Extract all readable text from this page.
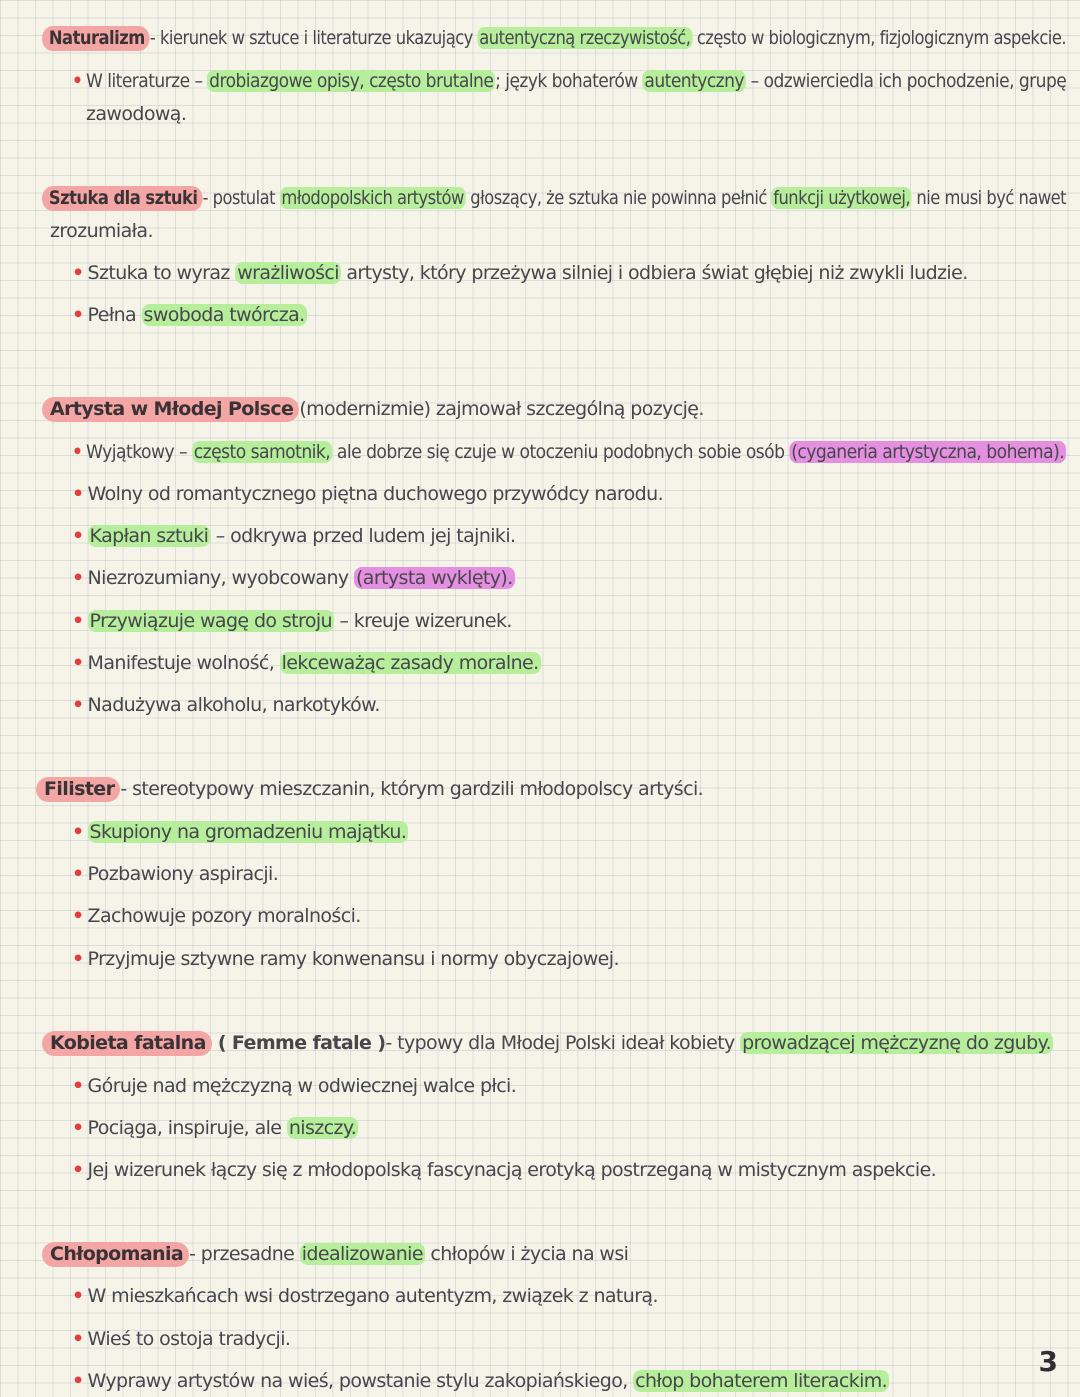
Naturalizm - kierunek w sztuce i literaturze ukazujący autentyczną rzeczywistość, często w biologicznym, fizjologicznym aspekcie.
• W literaturze – drobiazgowe opisy, często brutalne; język bohaterów autentyczny – odzwierciedla ich pochodzenie, grupę
zawodową.
Sztuka dla sztuki - postulat młodopolskich artystów głoszący, że sztuka nie powinna pełnić funkcji użytkowej, nie musi być nawet
zrozumiała.
• Sztuka to wyraz wrażliwości artysty, który przeżywa silniej i odbiera świat głębiej niż zwykli ludzie.
• Pełna swoboda twórcza.
Artysta w Młodej Polsce (modernizmie) zajmował szczególną pozycję.
• Wyjątkowy – często samotnik, ale dobrze się czuje w otoczeniu podobnych sobie osób (cyganeria artystyczna, bohema).
• Wolny od romantycznego piętna duchowego przywódcy narodu.
• Kapłan sztuki – odkrywa przed ludem jej tajniki.
• Niezrozumiany, wyobcowany (artysta wyklęty).
• Przywiązuje wagę do stroju – kreuje wizerunek.
• Manifestuje wolność, lekceważąc zasady moralne.
• Nadużywa alkoholu, narkotyków.
Filister - stereotypowy mieszczanin, którym gardzili młodopolscy artyści.
• Skupiony na gromadzeniu majątku.
• Pozbawiony aspiracji.
• Zachowuje pozory moralności.
• Przyjmuje sztywne ramy konwenansu i normy obyczajowej.
Kobieta fatalna ( Femme fatale )- typowy dla Młodej Polski ideał kobiety prowadzącej mężczyznę do zguby.
• Góruje nad mężczyzną w odwiecznej walce płci.
• Pociąga, inspiruje, ale niszczy.
• Jej wizerunek łączy się z młodopolską fascynacją erotyką postrzeganą w mistycznym aspekcie.
Chłopomania - przesadne idealizowanie chłopów i życia na wsi
• W mieszkańcach wsi dostrzegano autentyzm, związek z naturą.
• Wieś to ostoja tradycji.
• Wyprawy artystów na wieś, powstanie stylu zakopiańskiego, chłop bohaterem literackim.
3
